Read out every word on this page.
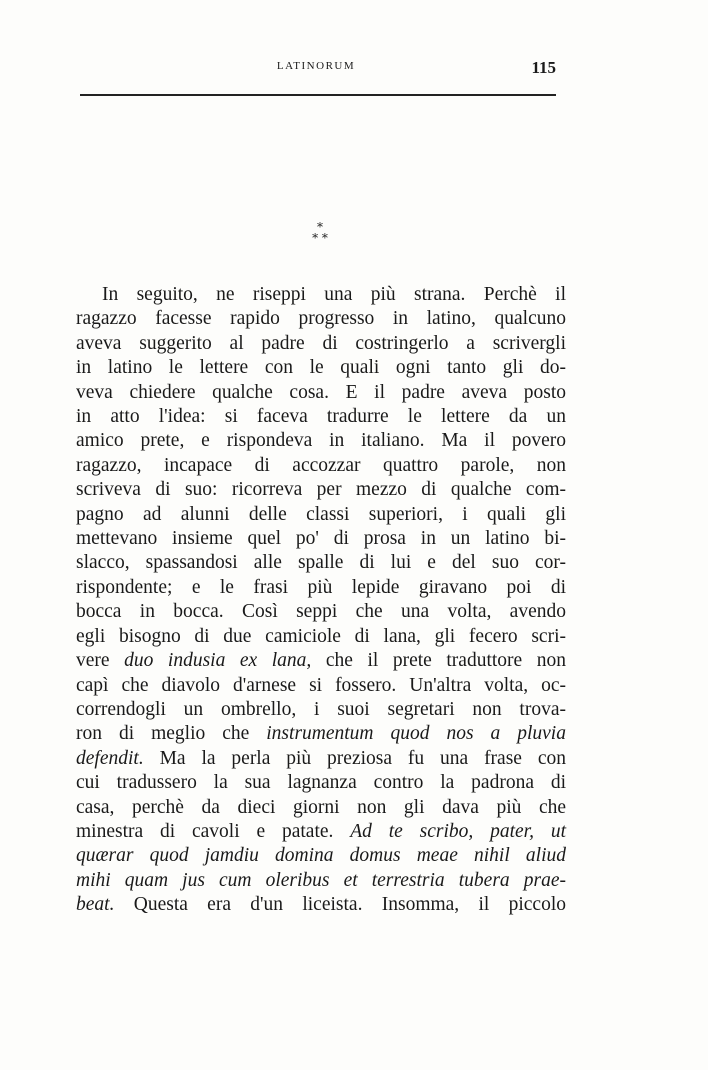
LATINORUM	115
*
* *
In seguito, ne riseppi una più strana. Perchè il
ragazzo facesse rapido progresso in latino, qualcuno
aveva suggerito al padre di costringerlo a scrivergli
in latino le lettere con le quali ogni tanto gli do-
veva chiedere qualche cosa. E il padre aveva posto
in atto l'idea: si faceva tradurre le lettere da un
amico prete, e rispondeva in italiano. Ma il povero
ragazzo, incapace di accozzar quattro parole, non
scriveva di suo: ricorreva per mezzo di qualche com-
pagno ad alunni delle classi superiori, i quali gli
mettevano insieme quel po' di prosa in un latino bi-
slacco, spassandosi alle spalle di lui e del suo cor-
rispondente; e le frasi più lepide giravano poi di
bocca in bocca. Così seppi che una volta, avendo
egli bisogno di due camiciole di lana, gli fecero scri-
vere duo indusia ex lana, che il prete traduttore non
capì che diavolo d'arnese si fossero. Un'altra volta, oc-
correndogli un ombrello, i suoi segretari non trova-
ron di meglio che instrumentum quod nos a pluvia
defendit. Ma la perla più preziosa fu una frase con
cui tradussero la sua lagnanza contro la padrona di
casa, perchè da dieci giorni non gli dava più che
minestra di cavoli e patate. Ad te scribo, pater, ut
quærar quod jamdiu domina domus meae nihil aliud
mihi quam jus cum oleribus et terrestria tubera prae-
beat. Questa era d'un liceista. Insomma, il piccolo
